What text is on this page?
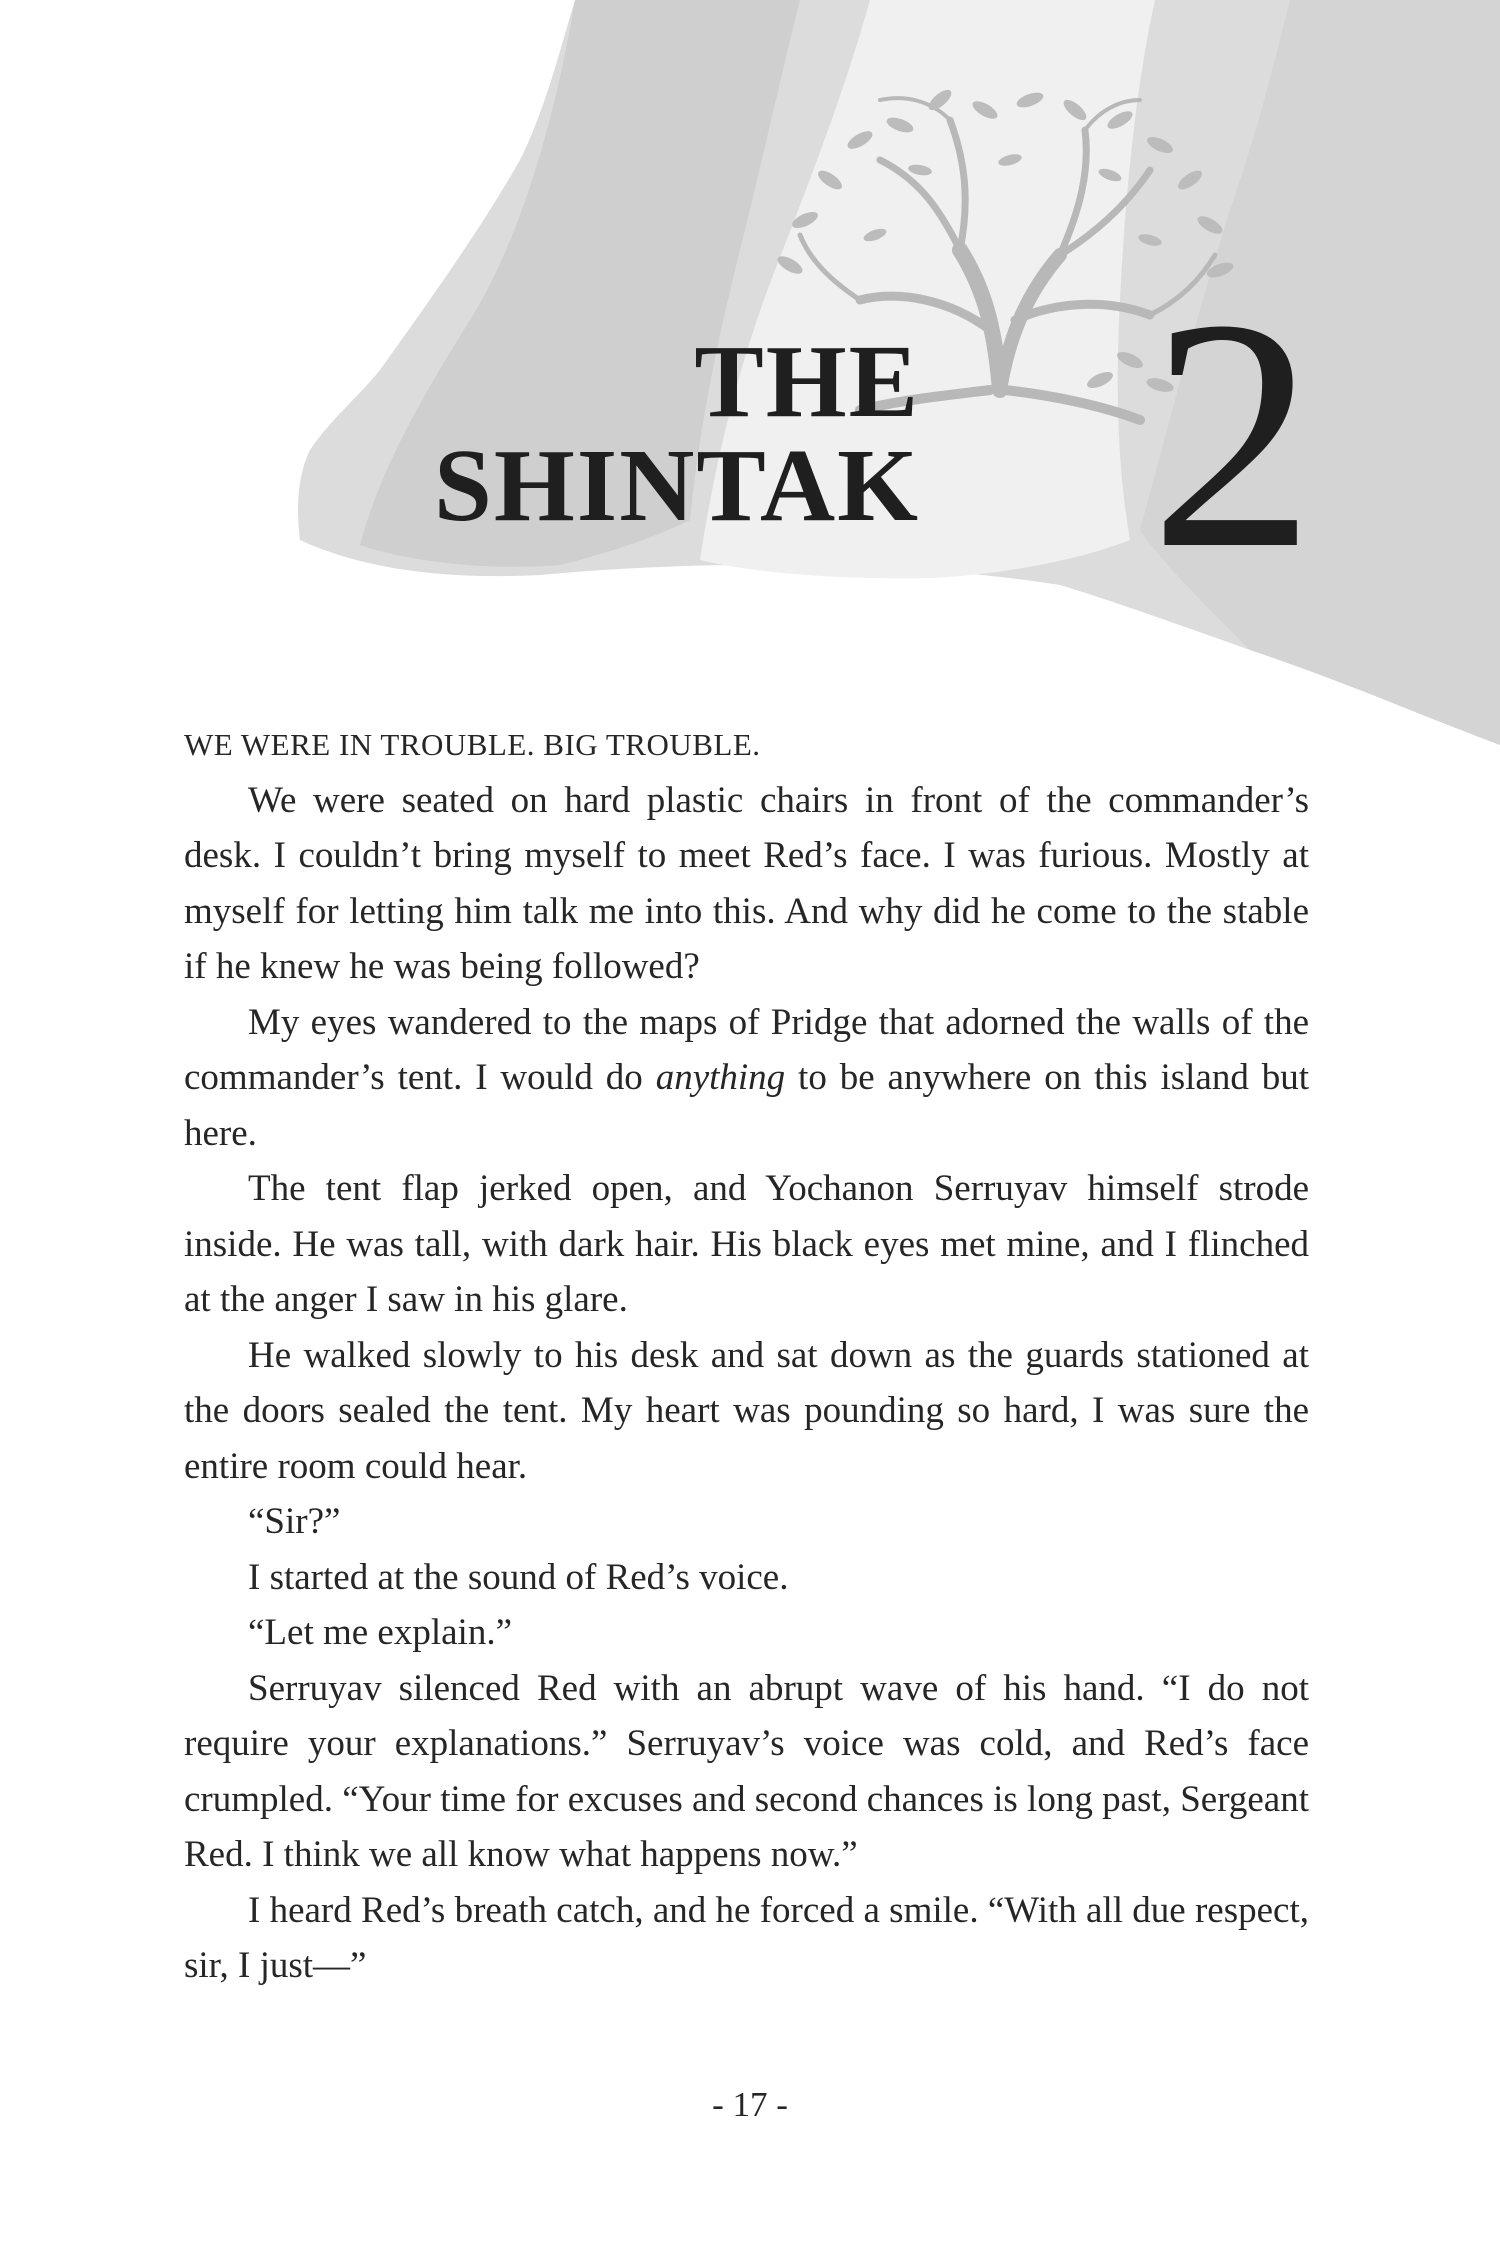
THE
SHINTAK 2

WE WERE IN TROUBLE. BIG TROUBLE.

We were seated on hard plastic chairs in front of the commander’s desk. I couldn’t bring myself to meet Red’s face. I was furious. Mostly at myself for letting him talk me into this. And why did he come to the stable if he knew he was being followed?

My eyes wandered to the maps of Pridge that adorned the walls of the commander’s tent. I would do anything to be anywhere on this island but here.

The tent flap jerked open, and Yochanon Serruyav himself strode inside. He was tall, with dark hair. His black eyes met mine, and I flinched at the anger I saw in his glare.

He walked slowly to his desk and sat down as the guards stationed at the doors sealed the tent. My heart was pounding so hard, I was sure the entire room could hear.

“Sir?”

I started at the sound of Red’s voice.

“Let me explain.”

Serruyav silenced Red with an abrupt wave of his hand. “I do not require your explanations.” Serruyav’s voice was cold, and Red’s face crumpled. “Your time for excuses and second chances is long past, Sergeant Red. I think we all know what happens now.”

I heard Red’s breath catch, and he forced a smile. “With all due respect, sir, I just—”

- 17 -
